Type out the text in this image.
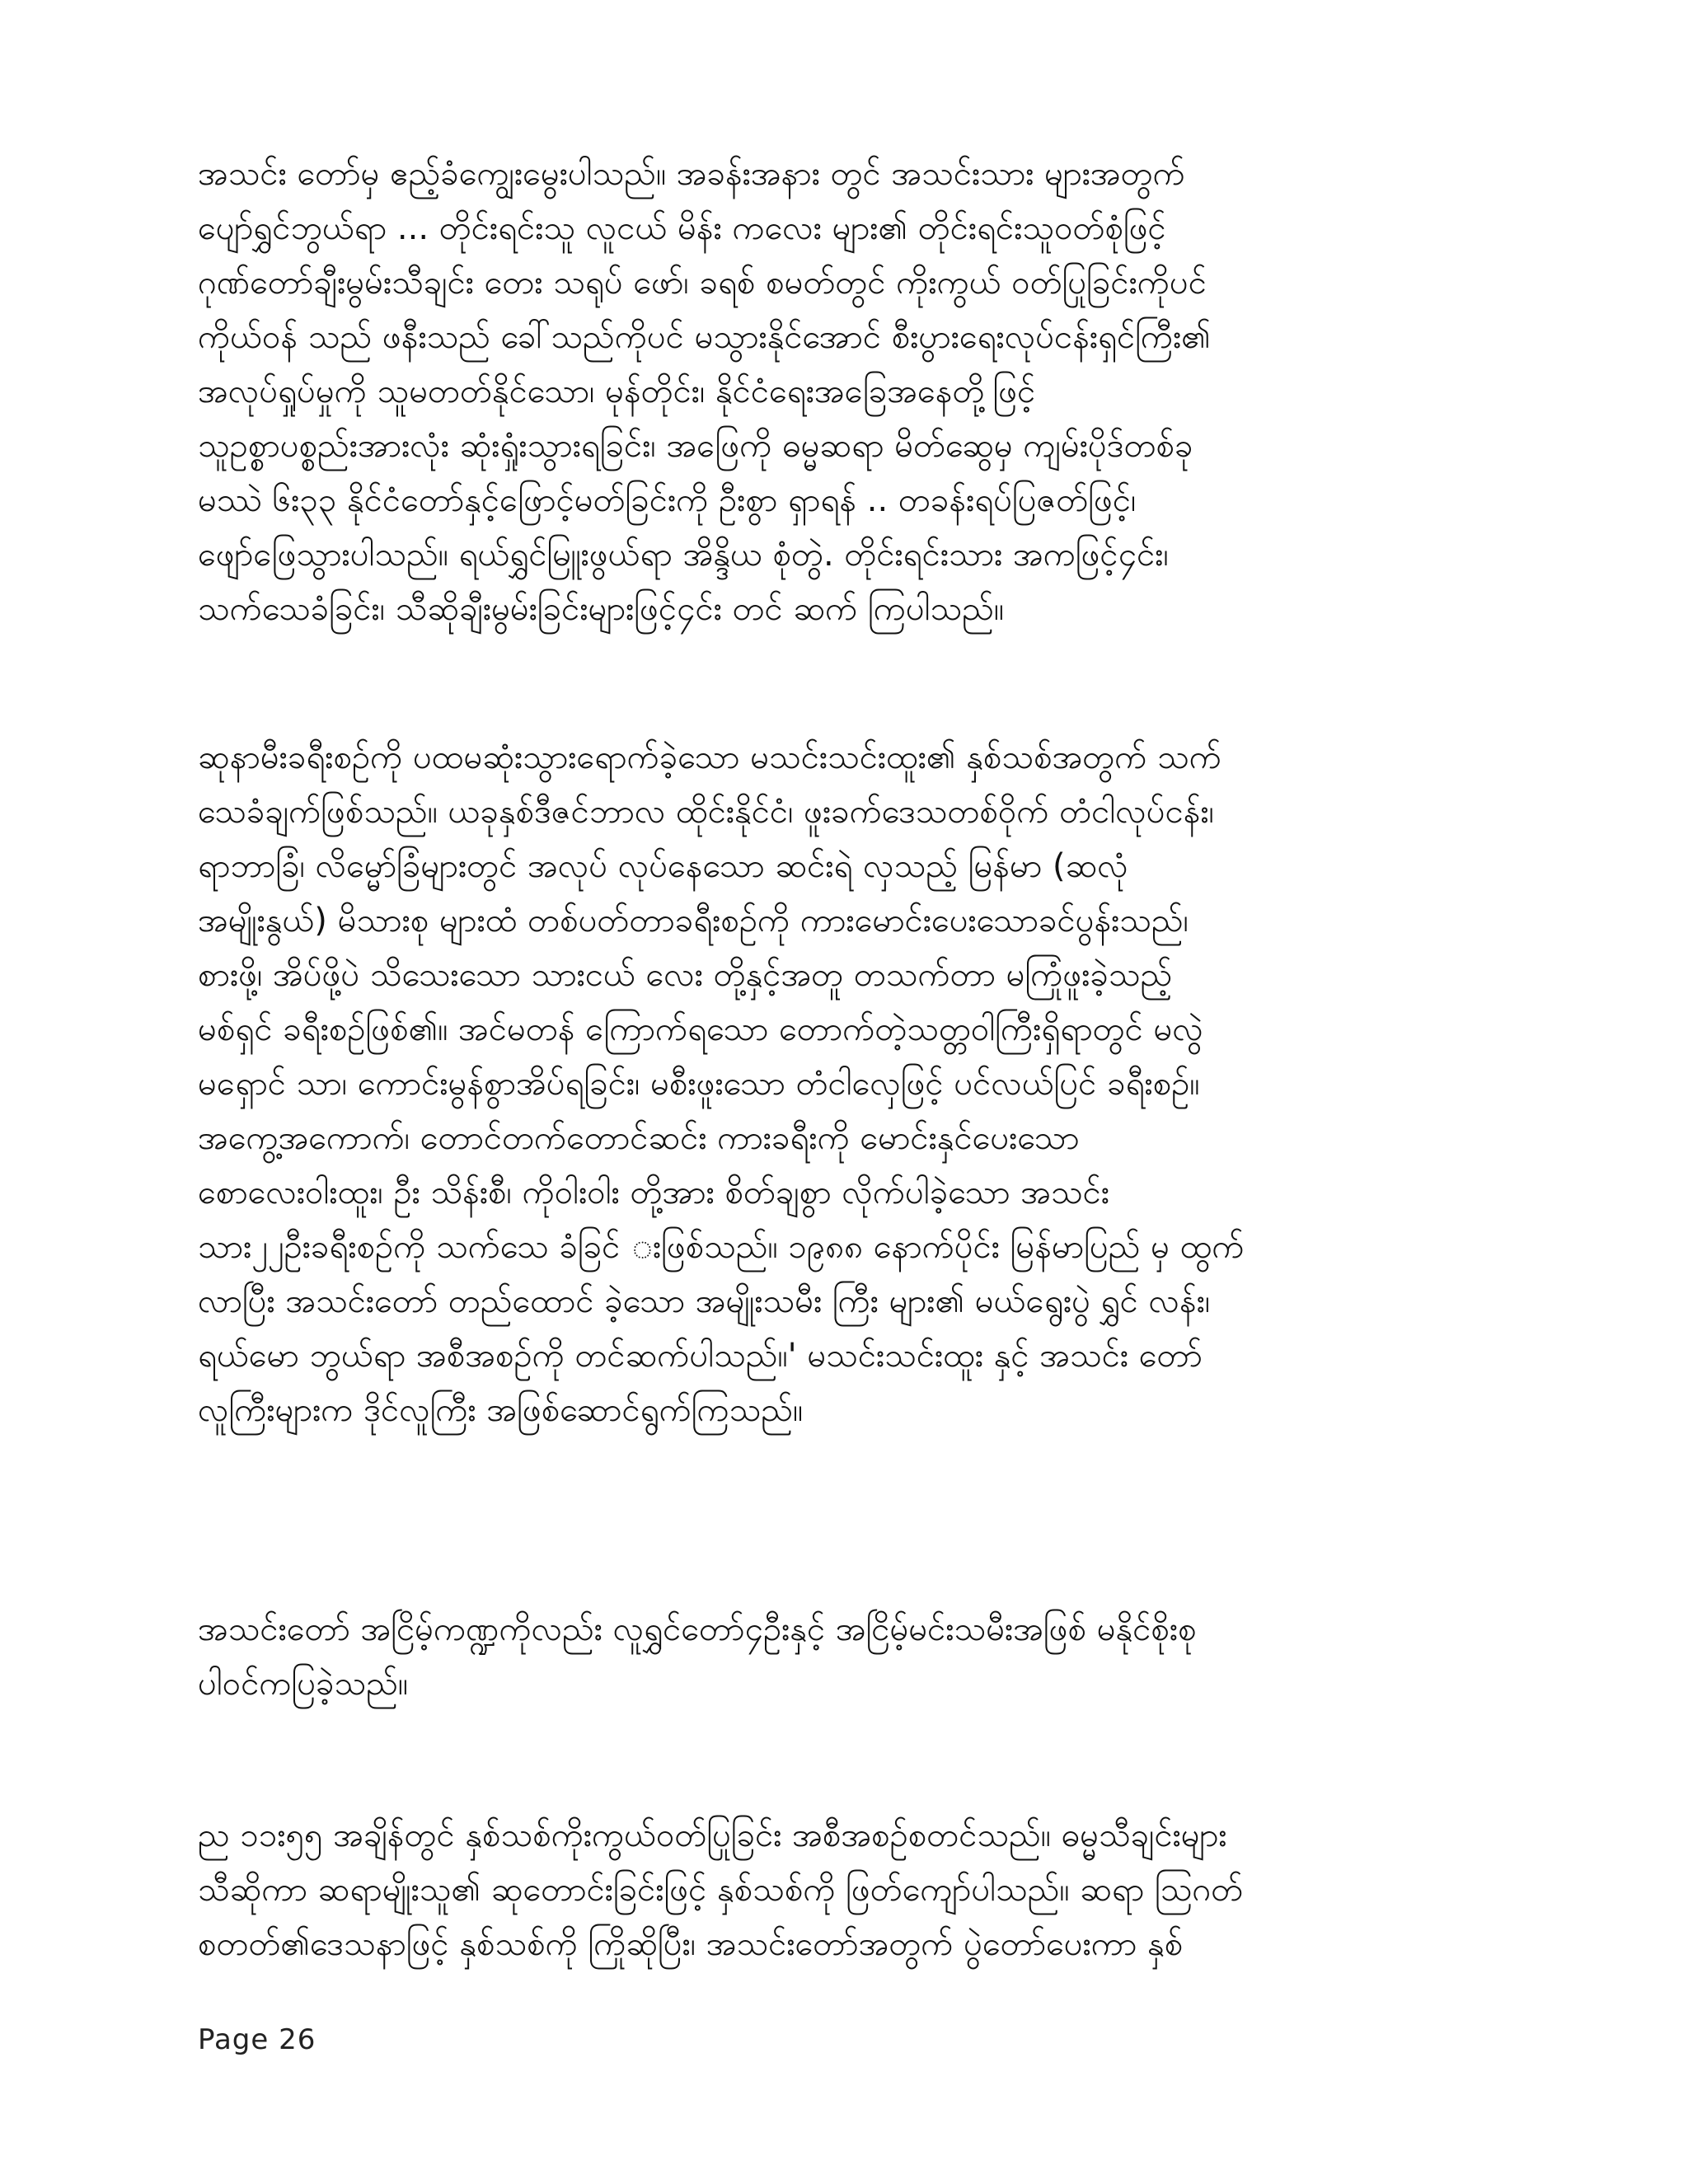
အသင်း တော်မှ ဧည့်ခံကျွေးမွေးပါသည်။ အခန်းအနား တွင် အသင်းသား များအတွက်
ပျော်ရွှင်ဘွယ်ရာ ... တိုင်းရင်းသူ လူငယ် မိန်း ကလေး များ၏ တိုင်းရင်းသူဝတ်စုံဖြင့်
ဂုဏ်တော်ချီးမွမ်းသီချင်း တေး သရုပ် ဖော်၊ ခရစ် စမတ်တွင် ကိုးကွယ် ဝတ်ပြုခြင်းကိုပင်
ကိုယ်ဝန် သည် ဖနီးသည် ခေါ်သည်ကိုပင် မသွားနိုင်အောင် စီးပွားရေးလုပ်ငန်းရှင်ကြီး၏
အလုပ်ရှုပ်မှုကို သူမတတ်နိုင်သော၊ မုန်တိုင်း၊ နိုင်ငံရေးအခြေအနေတို့ဖြင့်
သူဥစ္စာပစ္စည်းအားလုံး ဆုံးရှုံးသွားရခြင်း၊ အဖြေကို ဓမ္မဆရာ မိတ်ဆွေမှ ကျမ်းပိုဒ်တစ်ခု
မဿဲ ၆း၃၃ နိုင်ငံတော်နှင့်ဖြောင့်မတ်ခြင်းကို ဦးစွာ ရှာရန် .. တခန်းရပ်ပြဇတ်ဖြင့်၊
ဖျော်ဖြေသွားပါသည်။ ရယ်ရွှင်မြူးဖွယ်ရာ အိန္ဒိယ စုံတွဲ. တိုင်းရင်းသား အကဖြင့်၄င်း၊
သက်သေခံခြင်း၊ သီဆိုချီးမွမ်းခြင်းများဖြင့်၄င်း တင် ဆက် ကြပါသည်။
ဆုနာမီးခရီးစဉ်ကို ပထမဆုံးသွားရောက်ခဲ့သော မသင်းသင်းထူး၏ နှစ်သစ်အတွက် သက်
သေခံချက်ဖြစ်သည်။ ယခုနှစ်ဒီဇင်ဘာလ ထိုင်းနိုင်ငံ၊ ဖူးခက်ဒေသတစ်ဝိုက် တံငါလုပ်ငန်း၊
ရာဘာခြံ၊ လိမ္မော်ခြံများတွင် အလုပ် လုပ်နေသော ဆင်းရဲ လှသည့် မြန်မာ (ဆလုံ
အမျိုးနွယ်) မိသားစု များထံ တစ်ပတ်တာခရီးစဉ်ကို ကားမောင်းပေးသောခင်ပွန်းသည်၊
စားဖို့၊ အိပ်ဖို့ပဲ သိသေးသော သားငယ် လေး တို့နှင့်အတူ တသက်တာ မကြုံဖူးခဲ့သည့်
မစ်ရှင် ခရီးစဉ်ဖြစ်၏။ အင်မတန် ကြောက်ရသော တောက်တဲ့သတ္တဝါကြီးရှိရာတွင် မလွဲ
မရှောင် သာ၊ ကောင်းမွန်စွာအိပ်ရခြင်း၊ မစီးဖူးသော တံငါလှေဖြင့် ပင်လယ်ပြင် ခရီးစဉ်။
အကွေ့အကောက်၊ တောင်တက်တောင်ဆင်း ကားခရီးကို မောင်းနှင်ပေးသော
စောလေးဝါးထူး၊ ဦး သိန်းစီ၊ ကိုဝါးဝါး တို့အား စိတ်ချစွာ လိုက်ပါခဲ့သော အသင်း
သား၂၂ဦးခရီးစဉ်ကို သက်သေ ခံခြင် းဖြစ်သည်။ ၁၉၈၈ နောက်ပိုင်း မြန်မာပြည် မှ ထွက်
လာပြီး အသင်းတော် တည်ထောင် ခဲ့သော အမျိုးသမီး ကြီး များ၏ မယ်ရွေးပွဲ ရွှင် လန်း၊
ရယ်မော ဘွယ်ရာ အစီအစဉ်ကို တင်ဆက်ပါသည်။' မသင်းသင်းထူး နှင့် အသင်း တော်
လူကြီးများက ဒိုင်လူကြီး အဖြစ်ဆောင်ရွက်ကြသည်။
အသင်းတော် အငြိမ့်ကဏ္ဍကိုလည်း လူရွှင်တော်၄ဦးနှင့် အငြိမ့်မင်းသမီးအဖြစ် မနိုင်စိုးစု
ပါဝင်ကပြခဲ့သည်။
ည ၁၁း၅၅ အချိန်တွင် နှစ်သစ်ကိုးကွယ်ဝတ်ပြုခြင်း အစီအစဉ်စတင်သည်။ ဓမ္မသီချင်းများ
သီဆိုကာ ဆရာမျိုးသူ၏ ဆုတောင်းခြင်းဖြင့် နှစ်သစ်ကို ဖြတ်ကျော်ပါသည်။ ဆရာ ဩဂတ်
စတတ်၏ဒေသနာဖြင့် နှစ်သစ်ကို ကြိုဆိုပြီး၊ အသင်းတော်အတွက် ပွဲတော်ပေးကာ နှစ်
Page 26
